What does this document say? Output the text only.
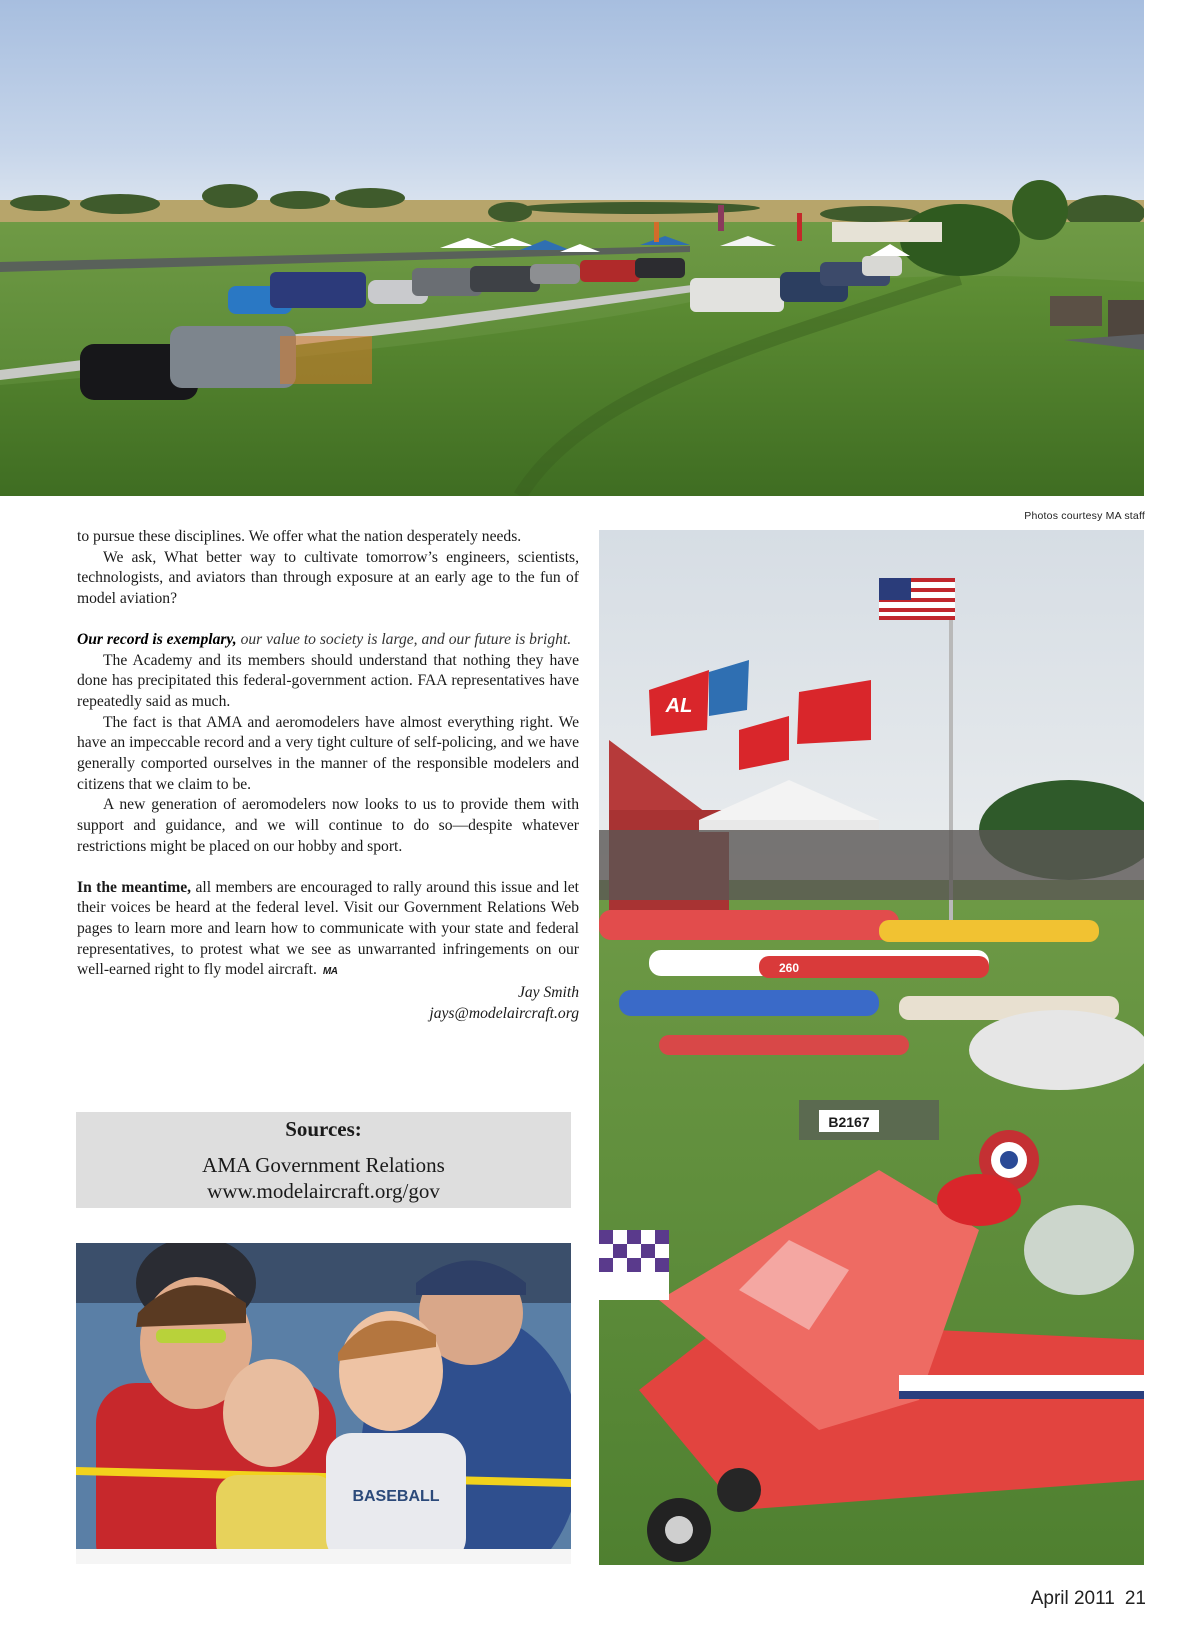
Photos courtesy MA staff

to pursue these disciplines. We offer what the nation desperately needs.

We ask, What better way to cultivate tomorrow’s engineers, scientists, technologists, and aviators than through exposure at an early age to the fun of model aviation?

Our record is exemplary, our value to society is large, and our future is bright.

The Academy and its members should understand that nothing they have done has precipitated this federal-government action. FAA representatives have repeatedly said as much.

The fact is that AMA and aeromodelers have almost everything right. We have an impeccable record and a very tight culture of self-policing, and we have generally comported ourselves in the manner of the responsible modelers and citizens that we claim to be.

A new generation of aeromodelers now looks to us to provide them with support and guidance, and we will continue to do so—despite whatever restrictions might be placed on our hobby and sport.

In the meantime, all members are encouraged to rally around this issue and let their voices be heard at the federal level. Visit our Government Relations Web pages to learn more and learn how to communicate with your state and federal representatives, to protest what we see as unwarranted infringements on our well-earned right to fly model aircraft. MA

Jay Smith

jays@modelaircraft.org

Sources:
AMA Government Relations
www.modelaircraft.org/gov
BASEBALL
AL
260
B2167
April 2011 21
